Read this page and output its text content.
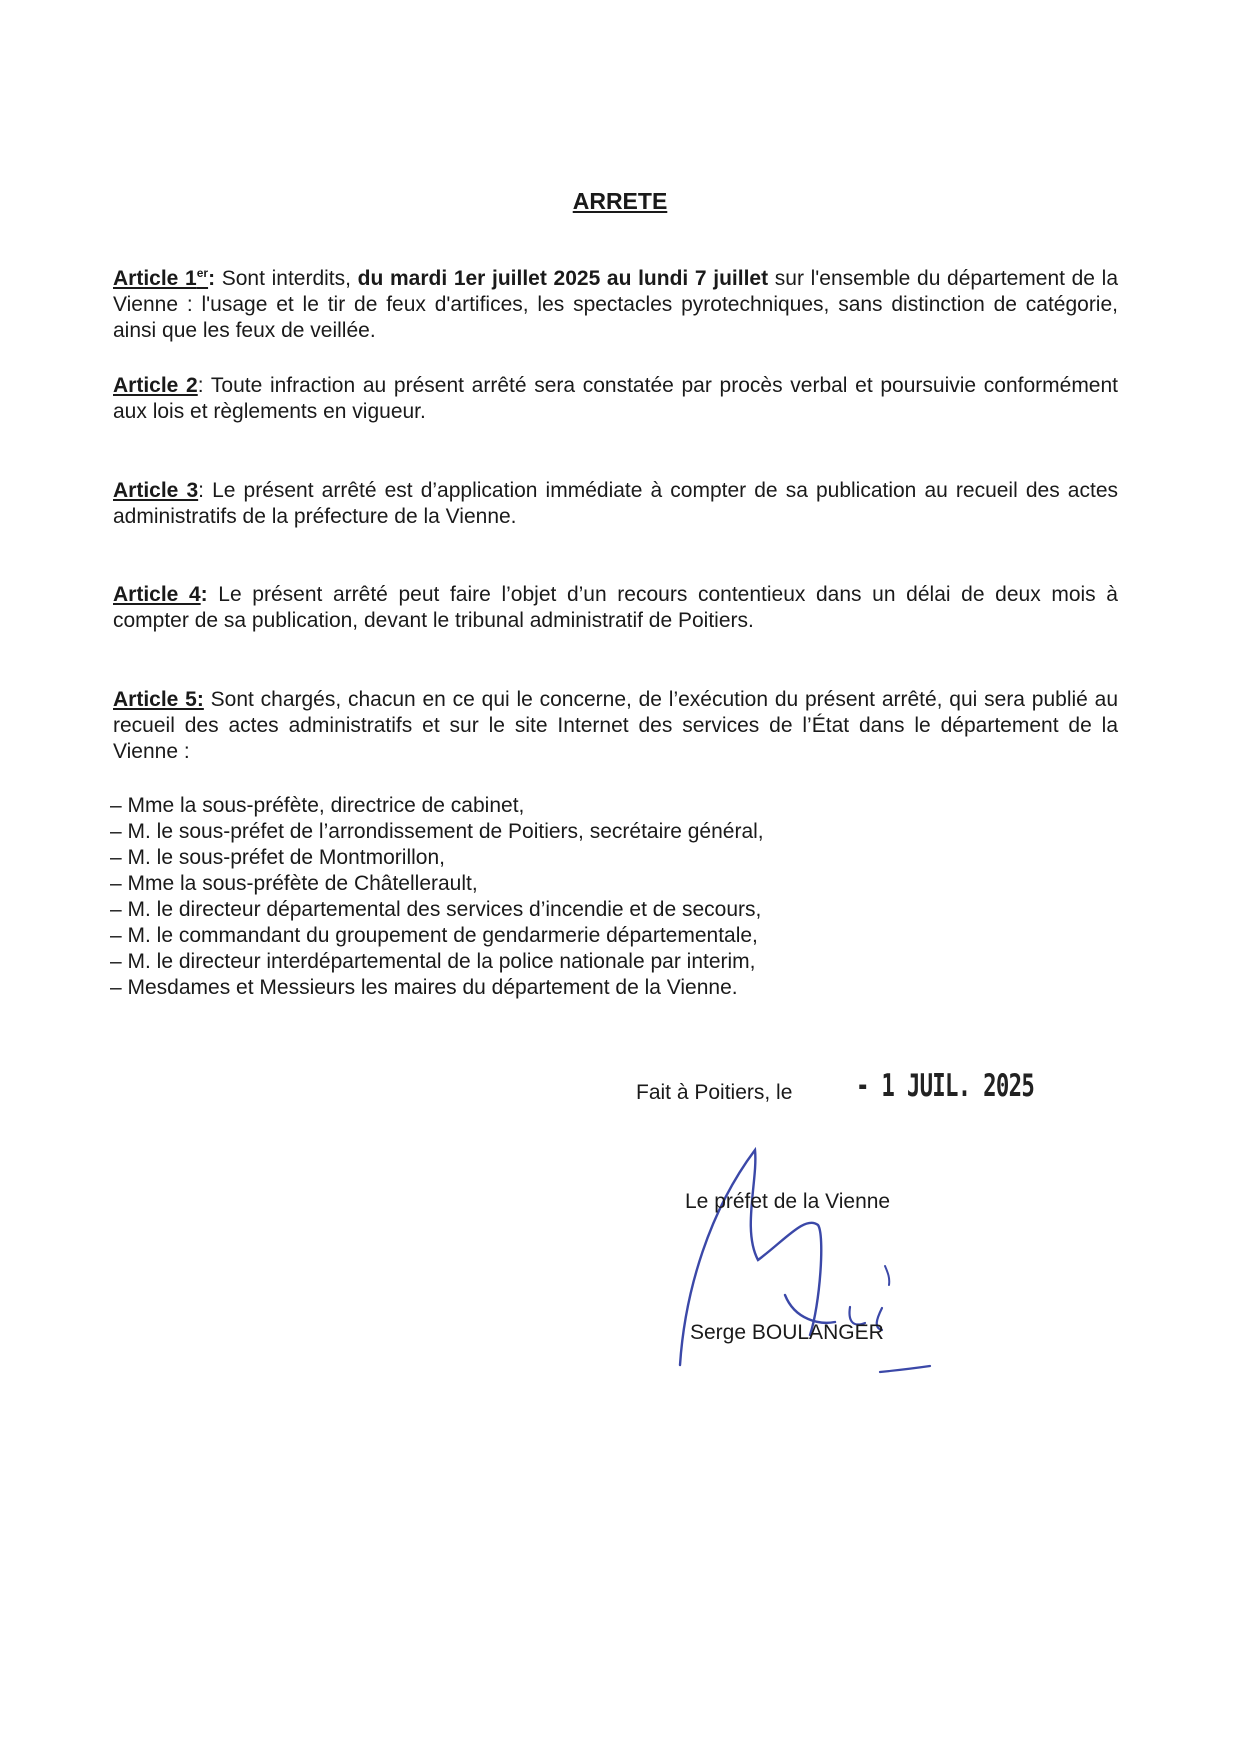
ARRETE
Article 1er: Sont interdits, du mardi 1er juillet 2025 au lundi 7 juillet sur l'ensemble du département de la Vienne : l'usage et le tir de feux d'artifices, les spectacles pyrotechniques, sans distinction de catégorie, ainsi que les feux de veillée.
Article 2: Toute infraction au présent arrêté sera constatée par procès verbal et poursuivie conformément aux lois et règlements en vigueur.
Article 3: Le présent arrêté est d’application immédiate à compter de sa publication au recueil des actes administratifs de la préfecture de la Vienne.
Article 4: Le présent arrêté peut faire l’objet d’un recours contentieux dans un délai de deux mois à compter de sa publication, devant le tribunal administratif de Poitiers.
Article 5: Sont chargés, chacun en ce qui le concerne, de l’exécution du présent arrêté, qui sera publié au recueil des actes administratifs et sur le site Internet des services de l’État dans le département de la Vienne :
– Mme la sous-préfète, directrice de cabinet,
– M. le sous-préfet de l’arrondissement de Poitiers, secrétaire général,
– M. le sous-préfet de Montmorillon,
– Mme la sous-préfète de Châtellerault,
– M. le directeur départemental des services d’incendie et de secours,
– M. le commandant du groupement de gendarmerie départementale,
– M. le directeur interdépartemental de la police nationale par interim,
– Mesdames et Messieurs les maires du département de la Vienne.
Fait à Poitiers, le - 1 JUIL. 2025
Le préfet de la Vienne
Serge BOULANGER
